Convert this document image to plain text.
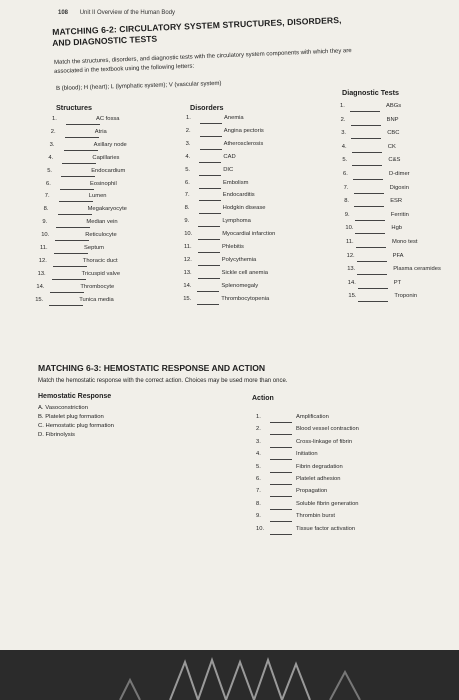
108 Unit II Overview of the Human Body
MATCHING 6-2: CIRCULATORY SYSTEM STRUCTURES, DISORDERS,
AND DIAGNOSTIC TESTS
Match the structures, disorders, and diagnostic tests with the circulatory system components with which they are
associated in the textbook using the following letters:
B (blood); H (heart); L (lymphatic system); V (vascular system)
Structures	Disorders
Diagnostic Tests
1.	AC fossa
2.	Atria
3.	Axillary node
4.	Capillaries
5.	Endocardium
6.	Eosinophil
7.	Lumen
8.	Megakaryocyte
9.	Median vein
10.	Reticulocyte
11.	Septum
12.	Thoracic duct
13.	Tricuspid valve
14.	Thrombocyte
15.	Tunica media
1.	Anemia
2.	Angina pectoris
3.	Atherosclerosis
4.	CAD
5.	DIC
6.	Embolism
7.	Endocarditis
8.	Hodgkin disease
9.	Lymphoma
10.	Myocardial infarction
11.	Phlebitis
12.	Polycythemia
13.	Sickle cell anemia
14.	Splenomegaly
15.	Thrombocytopenia
1.	ABGs
2.	BNP
3.	CBC
4.	CK
5.	C&S
6.	D-dimer
7.	Digoxin
8.	ESR
9.	Ferritin
10.	Hgb
11.	Mono test
12.	PFA
13.	Plasma ceramides
14.	PT
15.	Troponin
MATCHING 6-3: HEMOSTATIC RESPONSE AND ACTION
Match the hemostatic response with the correct action. Choices may be used more than once.
Hemostatic Response	Action
A. Vasoconstriction
B. Platelet plug formation
C. Hemostatic plug formation
D. Fibrinolysis
1.	Amplification
2.	Blood vessel contraction
3.	Cross-linkage of fibrin
4.	Initiation
5.	Fibrin degradation
6.	Platelet adhesion
7.	Propagation
8.	Soluble fibrin generation
9.	Thrombin burst
10.	Tissue factor activation
